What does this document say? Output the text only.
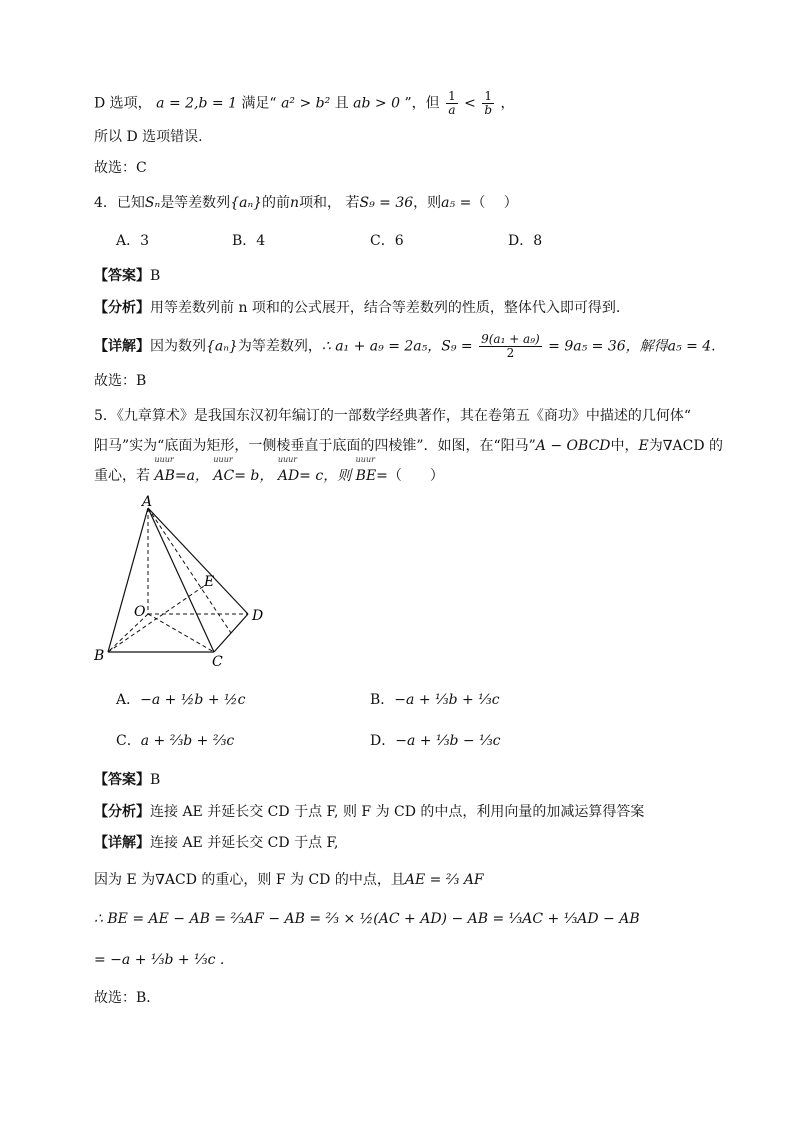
D 选项， a = 2,b = 1 满足“ a² > b² 且 ab > 0 ”，但 $\frac{1}{a} < \frac{1}{b}$ ，
所以 D 选项错误.
故选：C
4．已知Sₙ是等差数列{aₙ}的前n项和， 若S₉ = 36，则a₅ =（　 ）
A．3	B．4	C．6	D．8
【答案】B
【分析】用等差数列前 n 项和的公式展开，结合等差数列的性质，整体代入即可得到.
【详解】因为数列{aₙ}为等差数列，∴ a₁ + a₉ = 2a₅，$S_9 = \frac{\text{9(a₁ + a₉)}}{2} = 9a_5 = 36$，解得a₅ = 4.
故选：B
5．《九章算术》是我国东汉初年编订的一部数学经典著作，其在卷第五《商功》中描述的几何体“
阳马”实为“底面为矩形，一侧棱垂直于底面的四棱锥”．如图，在“阳马”A − OBCD中，E为∇ACD 的
重心，若
uuur
AB=a，
uuur
AC= b，
uuur
AD= c，则
uuur
BE=（　　）
A
B	C
D
E
O
A．−a + ½b + ½c	B．−a + ⅓b + ⅓c
C．a + ⅔b + ⅔c	D．−a + ⅓b − ⅓c
【答案】B
【分析】连接 AE 并延长交 CD 于点 F, 则 F 为 CD 的中点，利用向量的加减运算得答案
【详解】连接 AE 并延长交 CD 于点 F,
因为 E 为∇ACD 的重心，则 F 为 CD 的中点，且AE = ⅔ AF
∴ BE = AE − AB = ⅔AF − AB = ⅔ × ½(AC + AD) − AB = ⅓AC + ⅓AD − AB
= −a + ⅓b + ⅓c .
故选：B．
